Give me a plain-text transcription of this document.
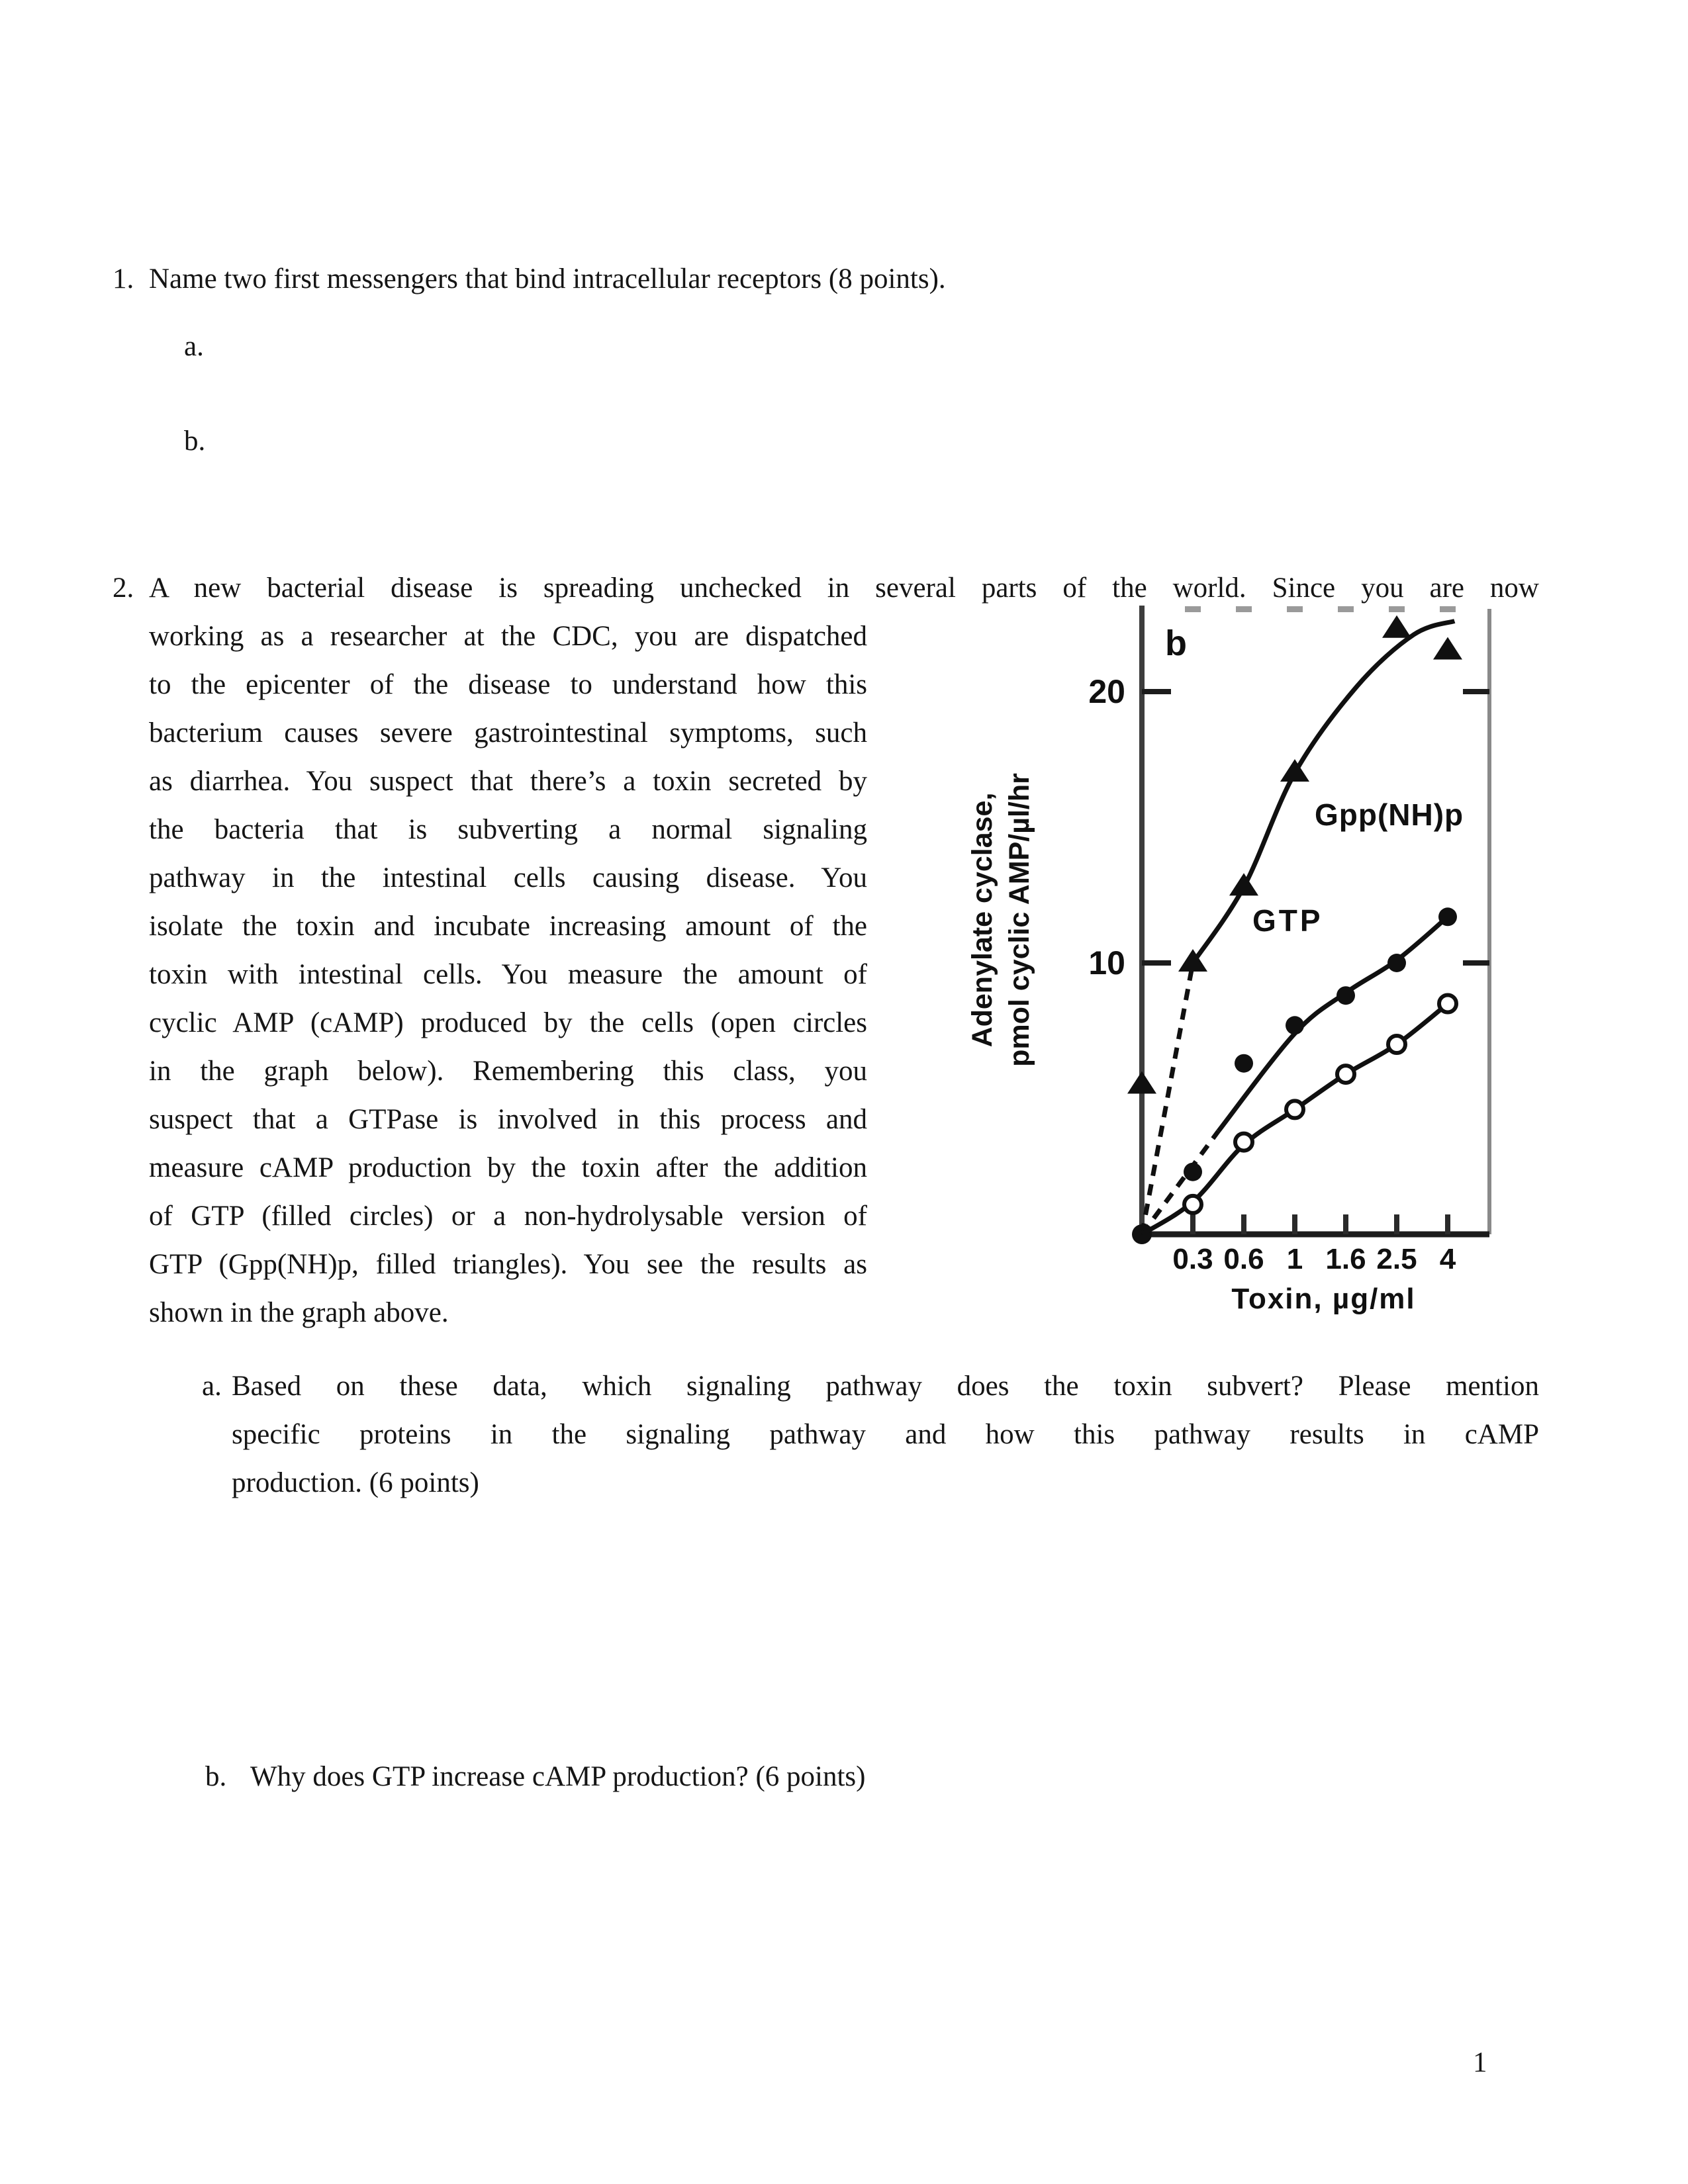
1. Name two first messengers that bind intracellular receptors (8 points).
a.
b.
2. A new bacterial disease is spreading unchecked in several parts of the world. Since you are now
working as a researcher at the CDC, you are dispatched
to the epicenter of the disease to understand how this
bacterium causes severe gastrointestinal symptoms, such
as diarrhea. You suspect that there’s a toxin secreted by
the bacteria that is subverting a normal signaling
pathway in the intestinal cells causing disease. You
isolate the toxin and incubate increasing amount of the
toxin with intestinal cells. You measure the amount of
cyclic AMP (cAMP) produced by the cells (open circles
in the graph below). Remembering this class, you
suspect that a GTPase is involved in this process and
measure cAMP production by the toxin after the addition
of GTP (filled circles) or a non-hydrolysable version of
GTP (Gpp(NH)p, filled triangles). You see the results as
shown in the graph above.
10
20
0.3 0.6 1 1.6 2.5 4
Toxin, µg/ml
Adenylate cyclase, pmol cyclic AMP/µl/hr
b
Gpp(NH)p
GTP
a. Based on these data, which signaling pathway does the toxin subvert? Please mention
specific proteins in the signaling pathway and how this pathway results in cAMP
production. (6 points)
b. Why does GTP increase cAMP production? (6 points)
1
